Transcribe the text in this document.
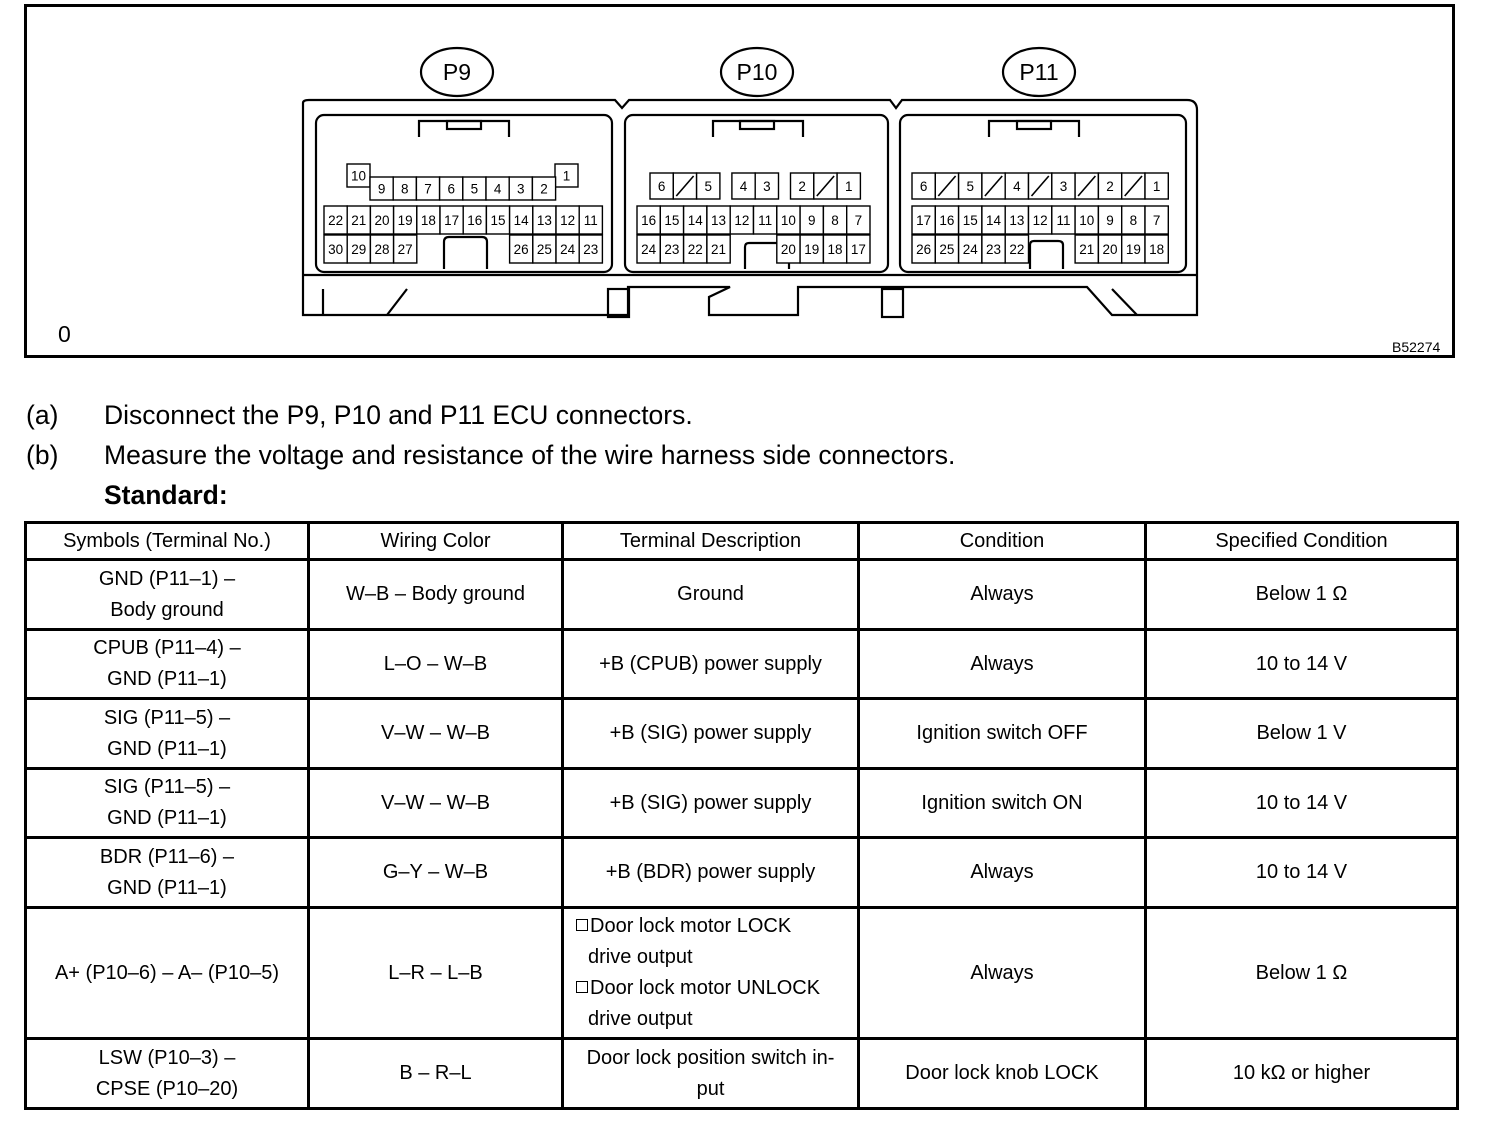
10	1
9 8 7 6 5 4 3 2
22 21 20 19 18 17 16 15 14 13 12 11
30 29 28 27	26 25 24 23
6	5 4 3 2	1
16 15 14 13 12 11 10 9 8 7
24 23 22 21	20 19 18 17
6	5	4	3	2	1
17 16 15 14 13 12 11 10 9 8 7
26 25 24 23 22	21 20 19 18
P9	P10	P11
0	B52274
(a) Disconnect the P9, P10 and P11 ECU connectors.
(b) Measure the voltage and resistance of the wire harness side connectors.
Standard:
Symbols (Terminal No.)	Wiring Color	Terminal Description	Condition	Specified Condition

GND (P11–1) –
Body ground	W–B – Body ground	Ground	Always	Below 1 Ω

CPUB (P11–4) –
GND (P11–1)	L–O – W–B	+B (CPUB) power supply	Always	10 to 14 V

SIG (P11–5) –
GND (P11–1)	V–W – W–B	+B (SIG) power supply	Ignition switch OFF	Below 1 V

SIG (P11–5) –
GND (P11–1)	V–W – W–B	+B (SIG) power supply	Ignition switch ON	10 to 14 V

BDR (P11–6) –
GND (P11–1)	G–Y – W–B	+B (BDR) power supply	Always	10 to 14 V

A+ (P10–6) – A– (P10–5)	L–R – L–B	Door lock motor LOCK
drive output
Door lock motor UNLOCK
drive output	Always	Below 1 Ω

LSW (P10–3) –
CPSE (P10–20)	B – R–L	Door lock position switch in-
put	Door lock knob LOCK	10 kΩ or higher
